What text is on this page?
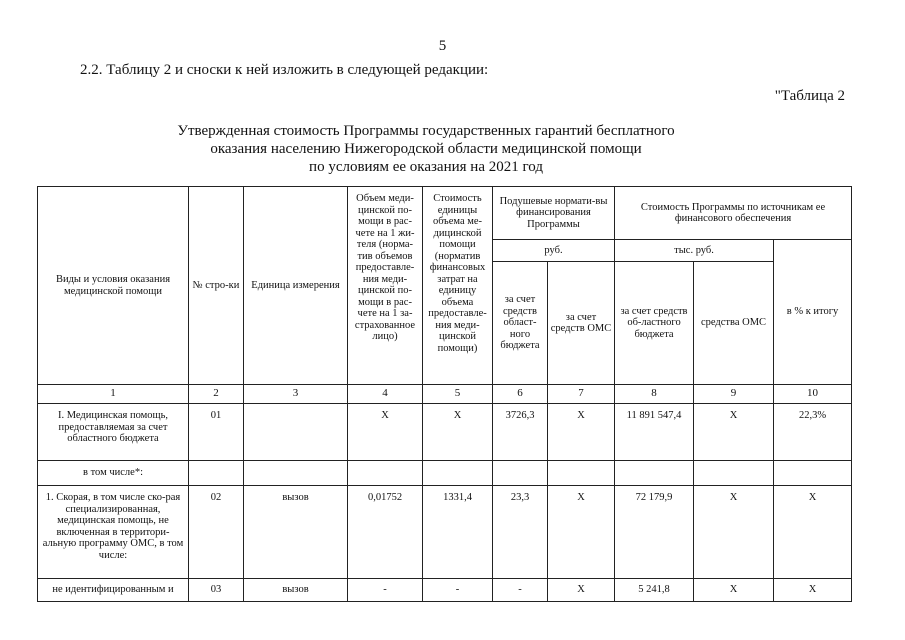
5
2.2. Таблицу 2 и сноски к ней изложить в следующей редакции:
"Таблица 2
Утвержденная стоимость Программы государственных гарантий бесплатного
оказания населению Нижегородской области медицинской помощи
по условиям ее оказания на 2021 год
Виды и условия оказания медицинской помощи	№ стро-ки	Единица измерения	Объем меди-цинской по-мощи в рас-чете на 1 жи-теля (норма-тив объемов предоставле-ния меди-цинской по-мощи в рас-чете на 1 за-страхованное лицо)	Стоимость единицы объема ме-дицинской помощи (норматив финансовых затрат на единицу объема предоставле-ния меди-цинской помощи)	Подушевые нормати-вы финансирования Программы		Стоимость Программы по источникам ее финансового обеспечения		
					руб.		тыс. руб.		в % к итогу
					за счет средств област-ного бюджета	за счет средств ОМС	за счет средств об-ластного бюджета	средства ОМС	
1	2	3	4	5	6	7	8	9	10
I. Медицинская помощь, предоставляемая за счет областного бюджета	01		X	X	3726,3	X	11 891 547,4	X	22,3%
в том числе*:									
1. Скорая, в том числе ско-рая специализированная, медицинская помощь, не включенная в территори-альную программу ОМС, в том числе:	02	вызов	0,01752	1331,4	23,3	X	72 179,9	X	X
не идентифицированным и	03	вызов	-	-	-	X	5 241,8	X	X
